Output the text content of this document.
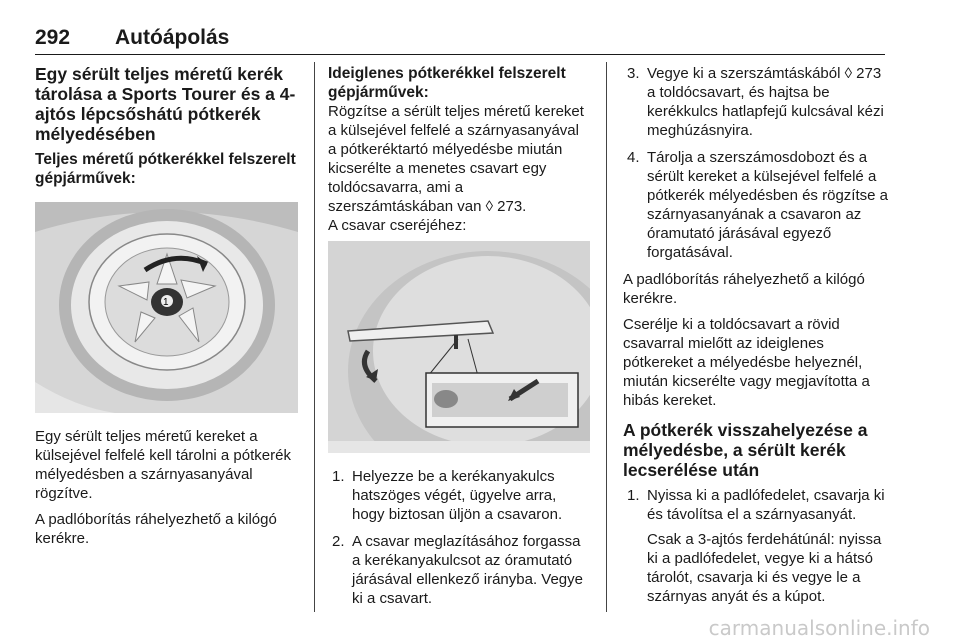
292 Autóápolás
Egy sérült teljes méretű kerék tárolása a Sports Tourer és a 4-ajtós lépcsőshátú pótkerék mélyedésében
Teljes méretű pótkerékkel felszerelt gépjárművek:
1
Egy sérült teljes méretű kereket a külsejével felfelé kell tárolni a pótkerék mélyedésben a szárnyasanyával rögzítve.
A padlóborítás ráhelyezhető a kilógó kerékre.
Ideiglenes pótkerékkel felszerelt gépjárművek:
Rögzítse a sérült teljes méretű kereket a külsejével felfelé a szárnyasanyával a pótkeréktartó mélyedésbe miután kicserélte a menetes csavart egy toldócsavarra, ami a szerszámtáskában van ◊ 273.
A csavar cseréjéhez:
1. Helyezze be a kerékanyakulcs hatszöges végét, ügyelve arra, hogy biztosan üljön a csavaron.
2. A csavar meglazításához forgassa a kerékanyakulcsot az óramutató járásával ellenkező irányba. Vegye ki a csavart.
3. Vegye ki a szerszámtáskából ◊ 273 a toldócsavart, és hajtsa be kerékkulcs hatlapfejű kulcsával kézi meghúzásnyira.
4. Tárolja a szerszámosdobozt és a sérült kereket a külsejével felfelé a pótkerék mélyedésben és rögzítse a szárnyasanyának a csavaron az óramutató járásával egyező forgatásával.
A padlóborítás ráhelyezhető a kilógó kerékre.
Cserélje ki a toldócsavart a rövid csavarral mielőtt az ideiglenes pótkereket a mélyedésbe helyeznél, miután kicserélte vagy megjavította a hibás kereket.
A pótkerék visszahelyezése a mélyedésbe, a sérült kerék lecserélése után
1. Nyissa ki a padlófedelet, csavarja ki és távolítsa el a szárnyasanyát.
Csak a 3-ajtós ferdehátúnál: nyissa ki a padlófedelet, vegye ki a hátsó tárolót, csavarja ki és vegye le a szárnyas anyát és a kúpot.
carmanualsonline.info
